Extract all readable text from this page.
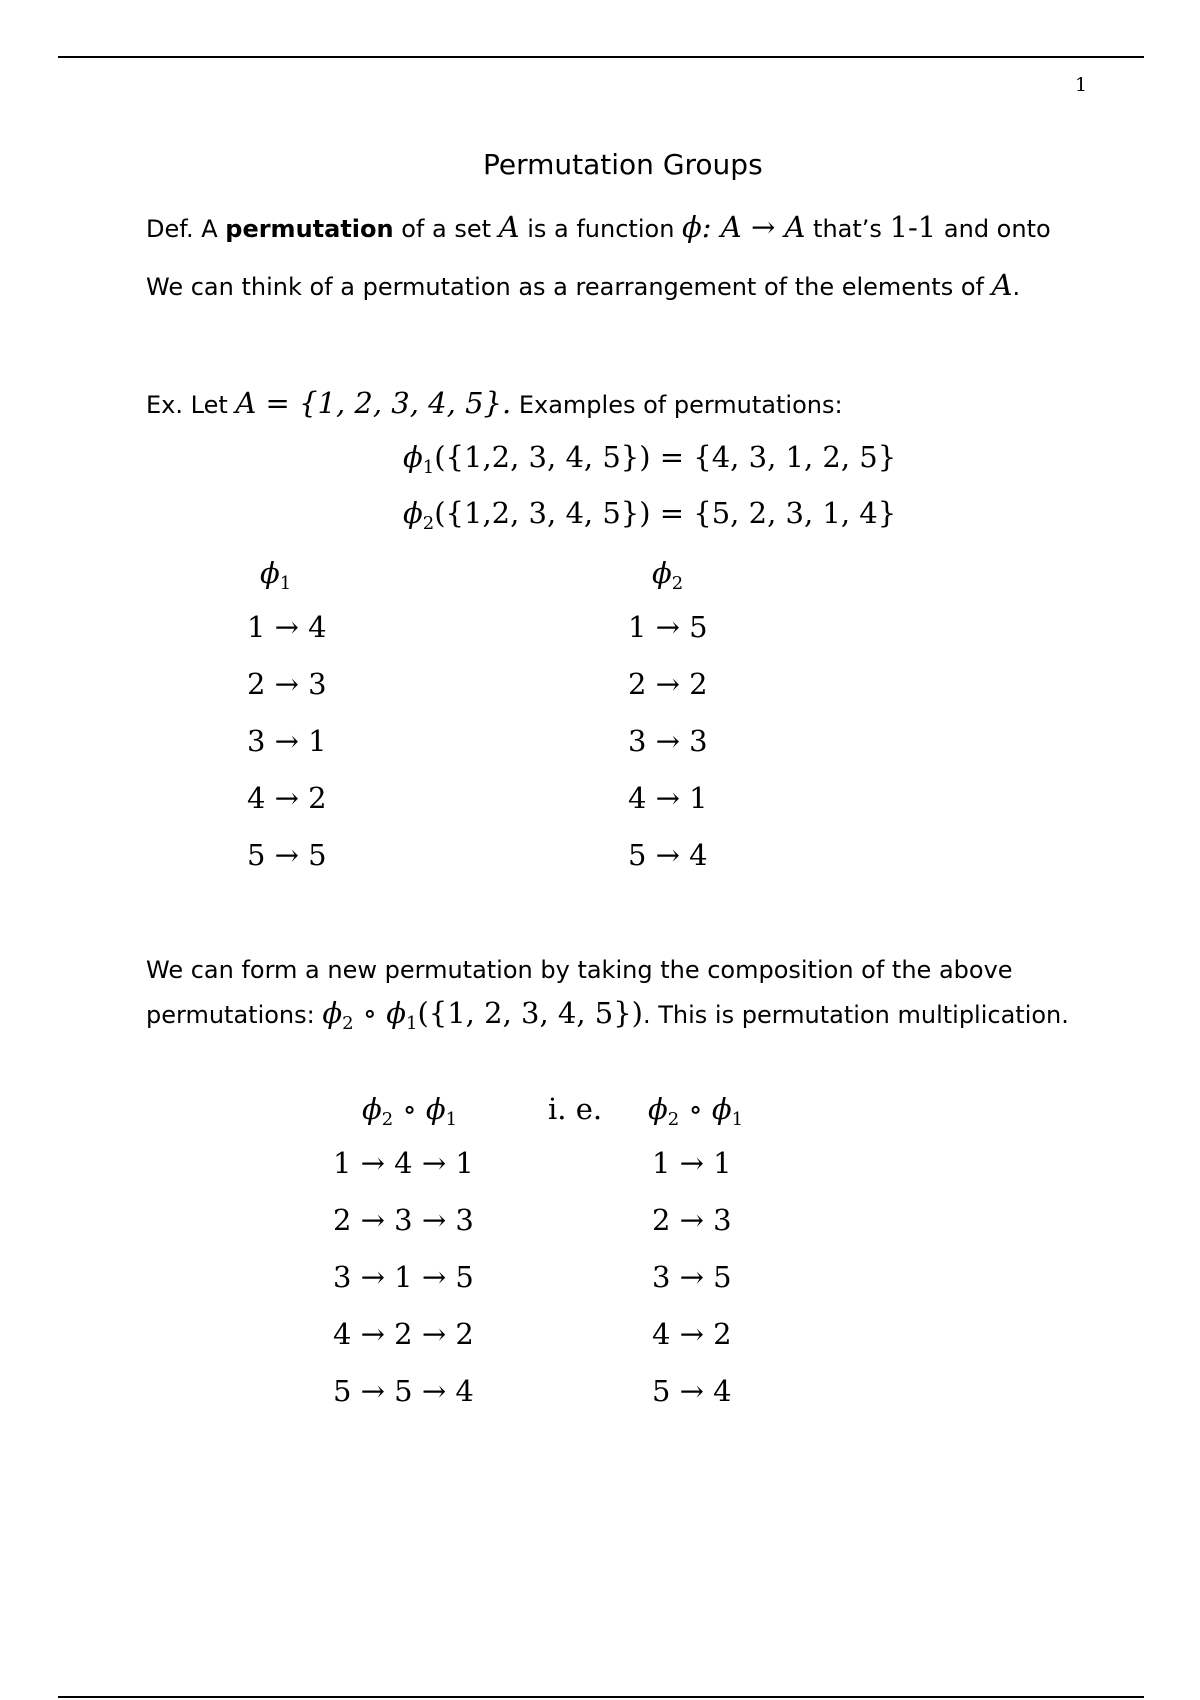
1
Permutation Groups
Def. A permutation of a set A is a function ϕ: A → A that’s 1-1 and onto
We can think of a permutation as a rearrangement of the elements of A.
Ex. Let A = {1, 2, 3, 4, 5}. Examples of permutations:
$\phi_1(\{1,2$, 3, 4, 5}) = {4, 3, 1, 2, 5}
$\phi_2(\{1,2$, 3, 4, 5}) = {5, 2, 3, 1, 4}
$\phi_1$
1 → 4
2 → 3
3 → 1
4 → 2
5 → 5
$\phi_2$
1 → 5
2 → 2
3 → 3
4 → 1
5 → 4
We can form a new permutation by taking the composition of the above
permutations: $\phi_2$ ∘ $\phi_1(\{1$, 2, 3, 4, 5}). This is permutation multiplication.
$\phi_2$ ∘ $\phi_1$	i. e. $\phi_2$ ∘ $\phi_1$
1 → 4 → 1
2 → 3 → 3
3 → 1 → 5
4 → 2 → 2
5 → 5 → 4
1 → 1
2 → 3
3 → 5
4 → 2
5 → 4
